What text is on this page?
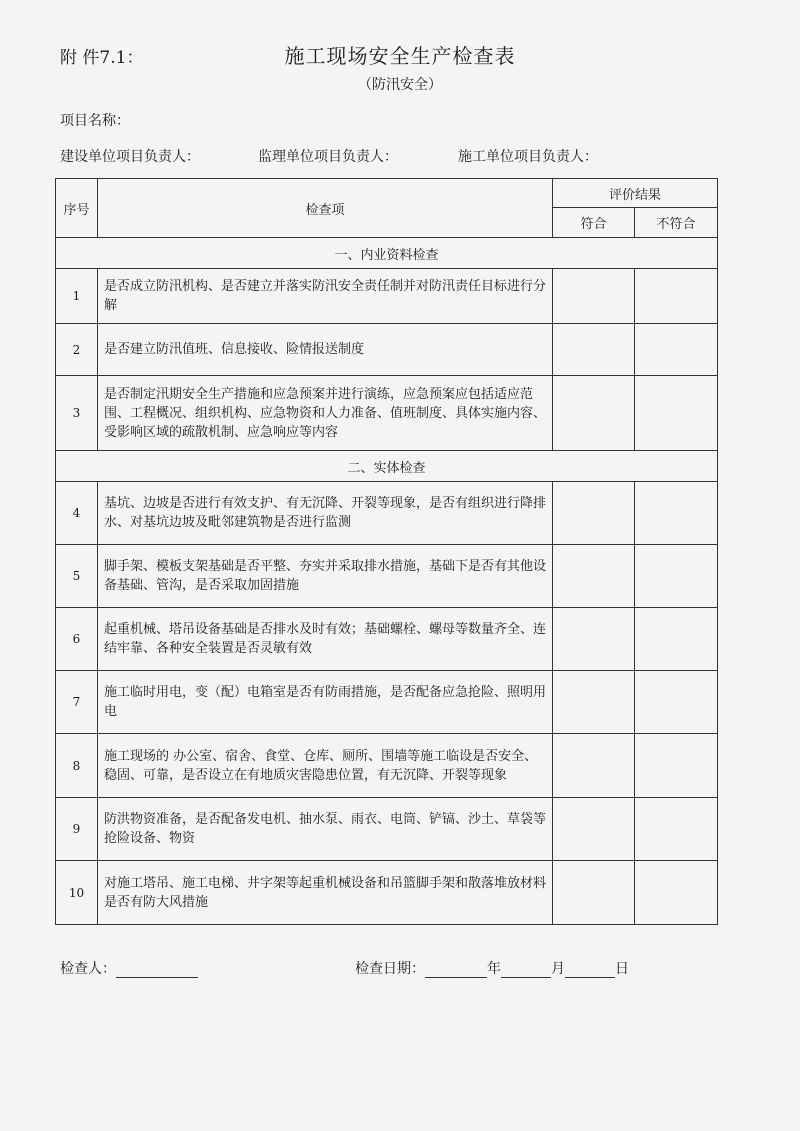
附 件7.1：	施工现场安全生产检查表
（防汛安全）
项目名称：
建设单位项目负责人：	监理单位项目负责人：	施工单位项目负责人：
序号	检查项	评价结果	
		符合	不符合
一、内业资料检查			
1	是否成立防汛机构、是否建立并落实防汛安全责任制并对防汛责任目标进行分解		
2	是否建立防汛值班、信息接收、险情报送制度		
3	是否制定汛期安全生产措施和应急预案并进行演练，应急预案应包括适应范围、工程概况、组织机构、应急物资和人力准备、值班制度、具体实施内容、受影响区域的疏散机制、应急响应等内容		
二、实体检查			
4	基坑、边坡是否进行有效支护、有无沉降、开裂等现象，是否有组织进行降排水、对基坑边坡及毗邻建筑物是否进行监测		
5	脚手架、模板支架基础是否平整、夯实并采取排水措施，基础下是否有其他设备基础、管沟，是否采取加固措施		
6	起重机械、塔吊设备基础是否排水及时有效；基础螺栓、螺母等数量齐全、连结牢靠、各种安全装置是否灵敏有效		
7	施工临时用电，变（配）电箱室是否有防雨措施，是否配备应急抢险、照明用电		
8	施工现场的 办公室、宿舍、食堂、仓库、厕所、围墙等施工临设是否安全、稳固、可靠，是否设立在有地质灾害隐患位置，有无沉降、开裂等现象		
9	防洪物资准备，是否配备发电机、抽水泵、雨衣、电筒、铲镐、沙土、草袋等抢险设备、物资		
10	对施工塔吊、施工电梯、井字架等起重机械设备和吊篮脚手架和散落堆放材料是否有防大风措施		
检查人：	检查日期：	年	月	日
